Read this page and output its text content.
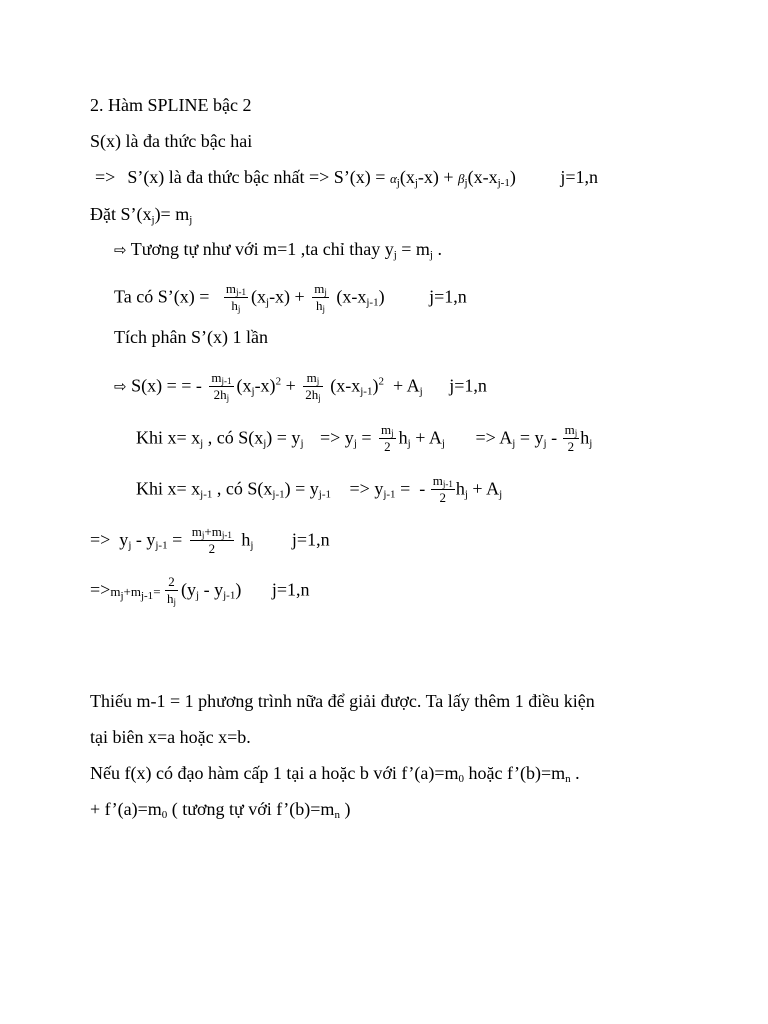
2. Hàm SPLINE bậc 2
S(x) là đa thức bậc hai
=> S’(x) là đa thức bậc nhất => S’(x) = $\alpha_j(x_j-x) + \beta_j(x-x_{j-1})$ j=1,n
Đặt $S’(x_j)= m_j$
⇨ Tương tự như với m=1 ,ta chỉ thay $y_j = m_j$ .
Ta có S’(x) = $\frac{m_{j-1}}{h_j} (x_j-x) + \frac{m_j}{h_j} (x-x_{j-1})$ j=1,n
Tích phân S’(x) 1 lần
⇨ S(x) = = - $\frac{m_{j-1}}{2h_j} (x_j-x)^2 + \frac{m_j}{2h_j} (x-x_{j-1})^2 + A_j$ j=1,n
Khi $x= x_j$ , có $S(x_j) = y_j => y_j = \frac{m_j}{2} h_j + A_j => A_j = y_j - \frac{m_j}{2} h_j$
Khi $x= x_{j-1}$ , có $S(x_{j-1}) = y_{j-1} => y_{j-1}$ =  - $\frac{m_{j-1}}{2} h_j + A_j$
=>  $y_j - y_{j-1} = \frac{m_j+m_{j-1}}{2} h_j$ j=1,n
$=>m_j+m_{j-1}= \frac{2}{h_j} (y_j - y_{j-1})$ j=1,n
Thiếu m-1 = 1 phương trình nữa để giải được. Ta lấy thêm 1 điều kiện
tại biên x=a hoặc x=b.
Nếu f(x) có đạo hàm cấp 1 tại a hoặc b với $f’(a)=m_0$ hoặc $f’(b)=m_n$ .
+ $f’(a)=m_0$ ( tương tự với $f’(b)=m_n$ )
